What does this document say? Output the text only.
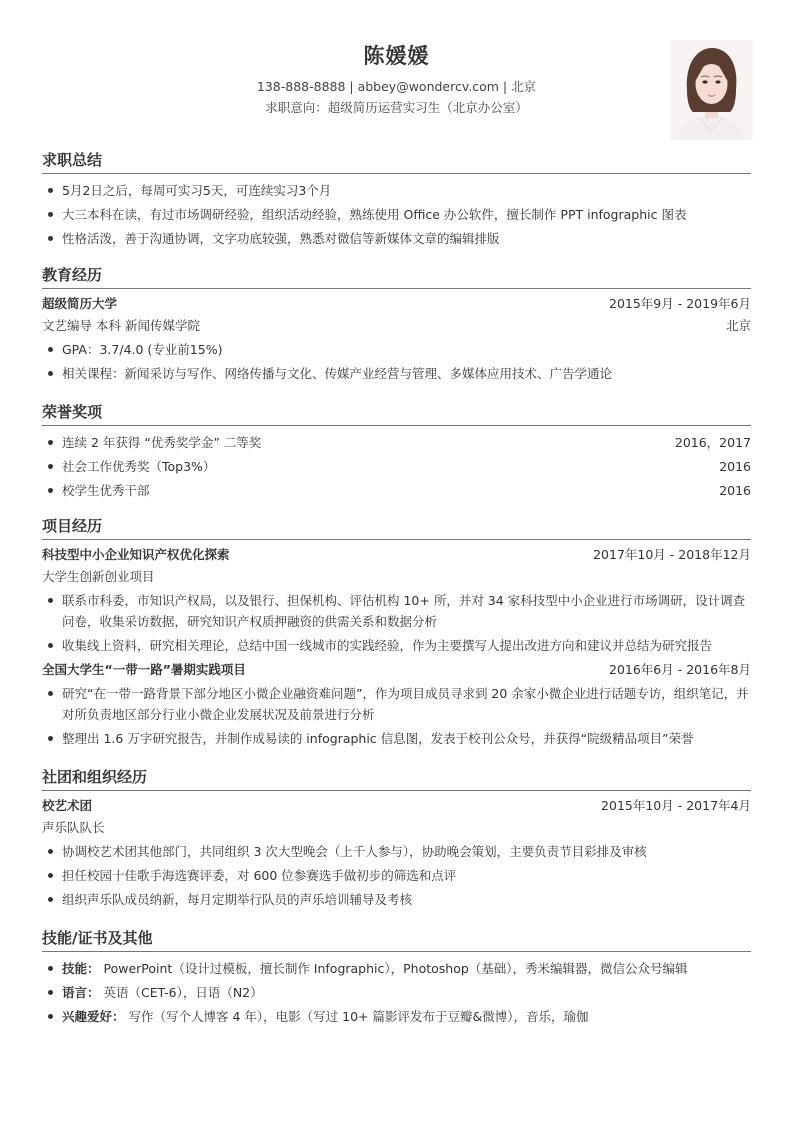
陈媛媛
138-888-8888 | abbey@wondercv.com | 北京
求职意向：超级简历运营实习生（北京办公室）
求职总结
5月2日之后，每周可实习5天，可连续实习3个月
大三本科在读，有过市场调研经验，组织活动经验，熟练使用 Office 办公软件，擅长制作 PPT infographic 图表
性格活泼，善于沟通协调，文字功底较强，熟悉对微信等新媒体文章的编辑排版
教育经历
超级简历大学	2015年9月 - 2019年6月
文艺编导 本科 新闻传媒学院	北京
GPA：3.7/4.0 (专业前15%)
相关课程：新闻采访与写作、网络传播与文化、传媒产业经营与管理、多媒体应用技术、广告学通论
荣誉奖项
连续 2 年获得 “优秀奖学金” 二等奖	2016，2017
社会工作优秀奖（Top3%）	2016
校学生优秀干部	2016
项目经历
科技型中小企业知识产权优化探索	2017年10月 - 2018年12月
大学生创新创业项目
联系市科委，市知识产权局，以及银行、担保机构、评估机构 10+ 所，并对 34 家科技型中小企业进行市场调研，设计调查问卷，收集采访数据，研究知识产权质押融资的供需关系和数据分析
收集线上资料，研究相关理论，总结中国一线城市的实践经验，作为主要撰写人提出改进方向和建议并总结为研究报告
全国大学生“一带一路”暑期实践项目	2016年6月 - 2016年8月
研究“在一带一路背景下部分地区小微企业融资难问题”，作为项目成员寻求到 20 余家小微企业进行话题专访，组织笔记，并对所负责地区部分行业小微企业发展状况及前景进行分析
整理出 1.6 万字研究报告，并制作成易读的 infographic 信息图，发表于校刊公众号，并获得“院级精品项目”荣誉
社团和组织经历
校艺术团	2015年10月 - 2017年4月
声乐队队长
协调校艺术团其他部门，共同组织 3 次大型晚会（上千人参与），协助晚会策划，主要负责节目彩排及审核
担任校园十佳歌手海选赛评委，对 600 位参赛选手做初步的筛选和点评
组织声乐队成员纳新，每月定期举行队员的声乐培训辅导及考核
技能/证书及其他
技能： PowerPoint（设计过模板，擅长制作 Infographic），Photoshop（基础），秀米编辑器，微信公众号编辑
语言： 英语（CET-6），日语（N2）
兴趣爱好： 写作（写个人博客 4 年），电影（写过 10+ 篇影评发布于豆瓣&微博），音乐，瑜伽
